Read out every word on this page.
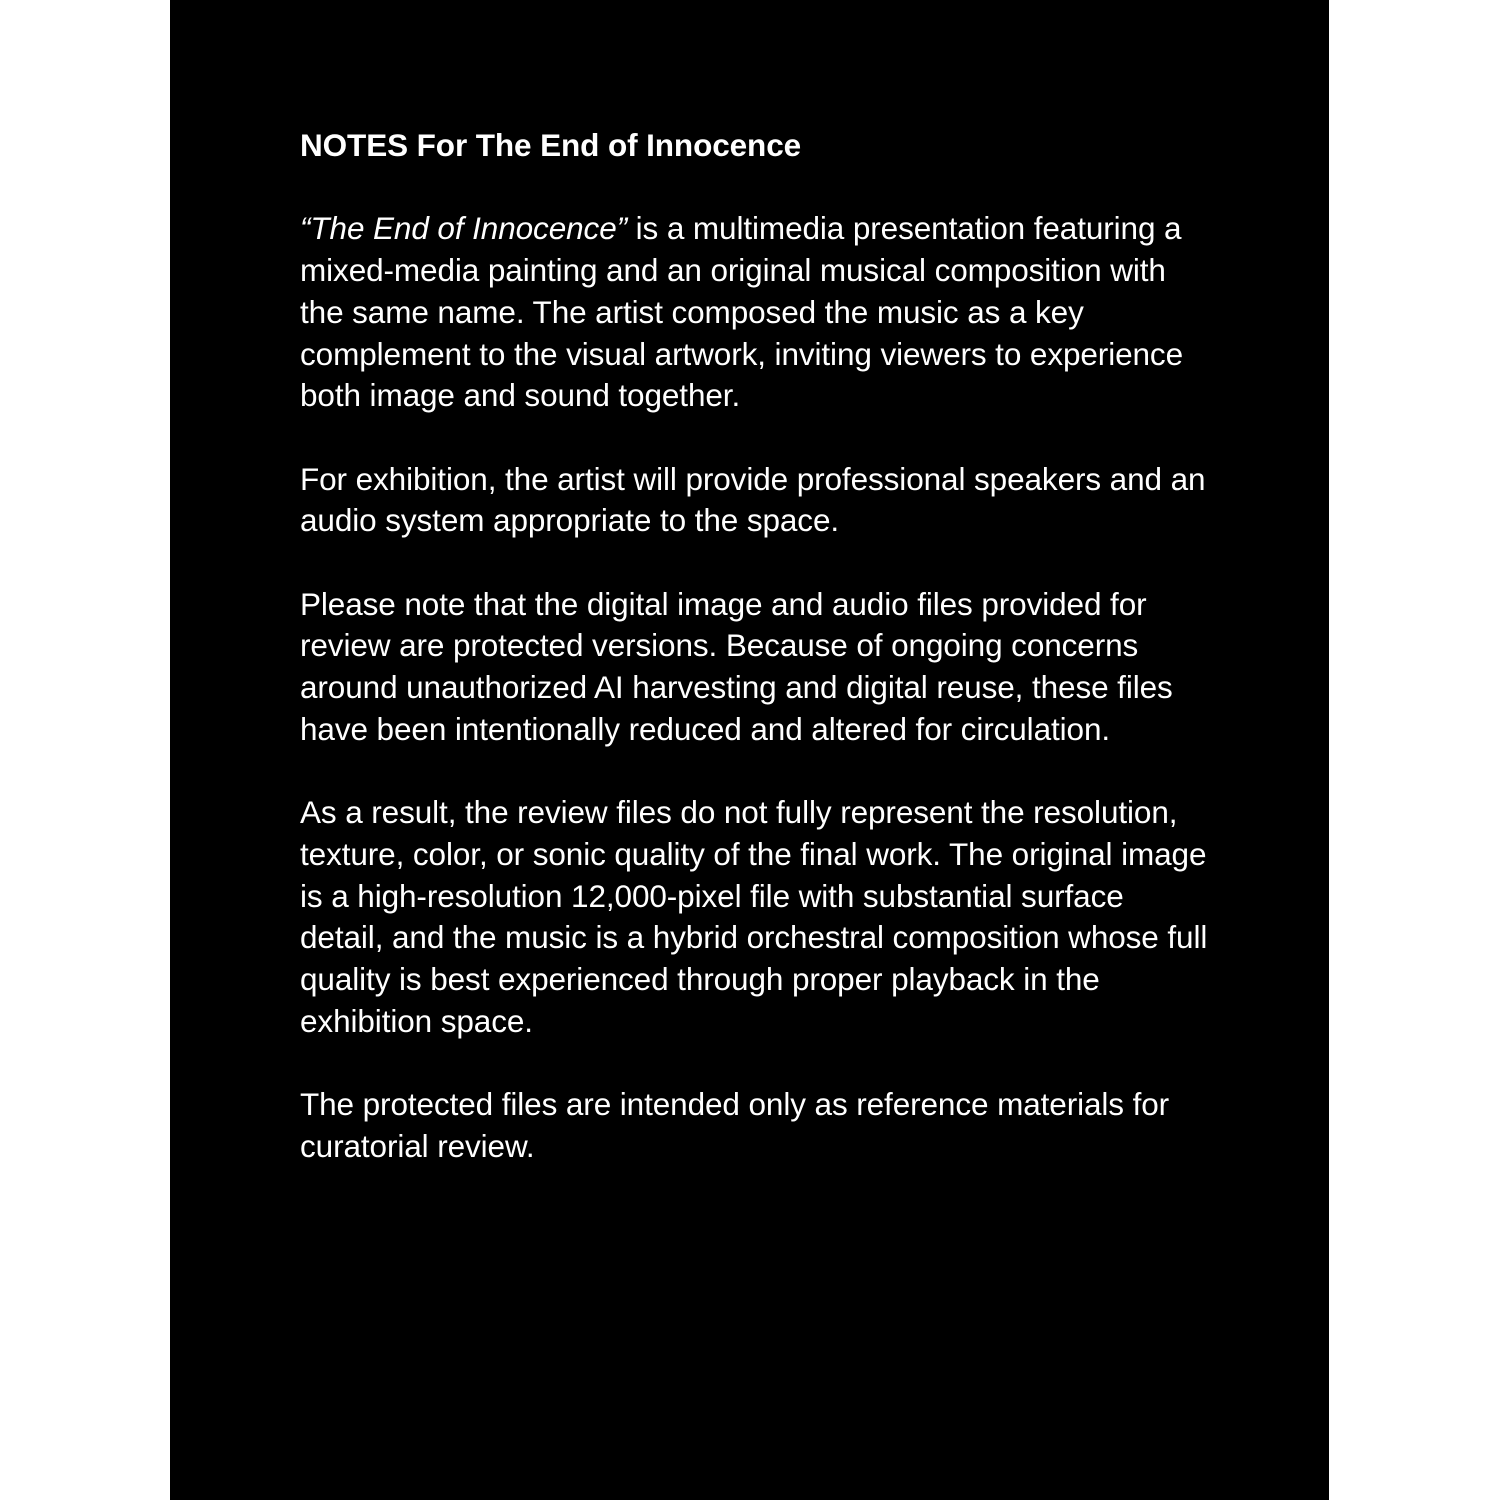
NOTES For The End of Innocence

“The End of Innocence” is a multimedia presentation featuring a mixed-media painting and an original musical composition with the same name. The artist composed the music as a key complement to the visual artwork, inviting viewers to experience both image and sound together.

For exhibition, the artist will provide professional speakers and an audio system appropriate to the space.

Please note that the digital image and audio files provided for review are protected versions. Because of ongoing concerns around unauthorized AI harvesting and digital reuse, these files have been intentionally reduced and altered for circulation.

As a result, the review files do not fully represent the resolution, texture, color, or sonic quality of the final work. The original image is a high-resolution 12,000-pixel file with substantial surface detail, and the music is a hybrid orchestral composition whose full quality is best experienced through proper playback in the exhibition space.

The protected files are intended only as reference materials for curatorial review.
